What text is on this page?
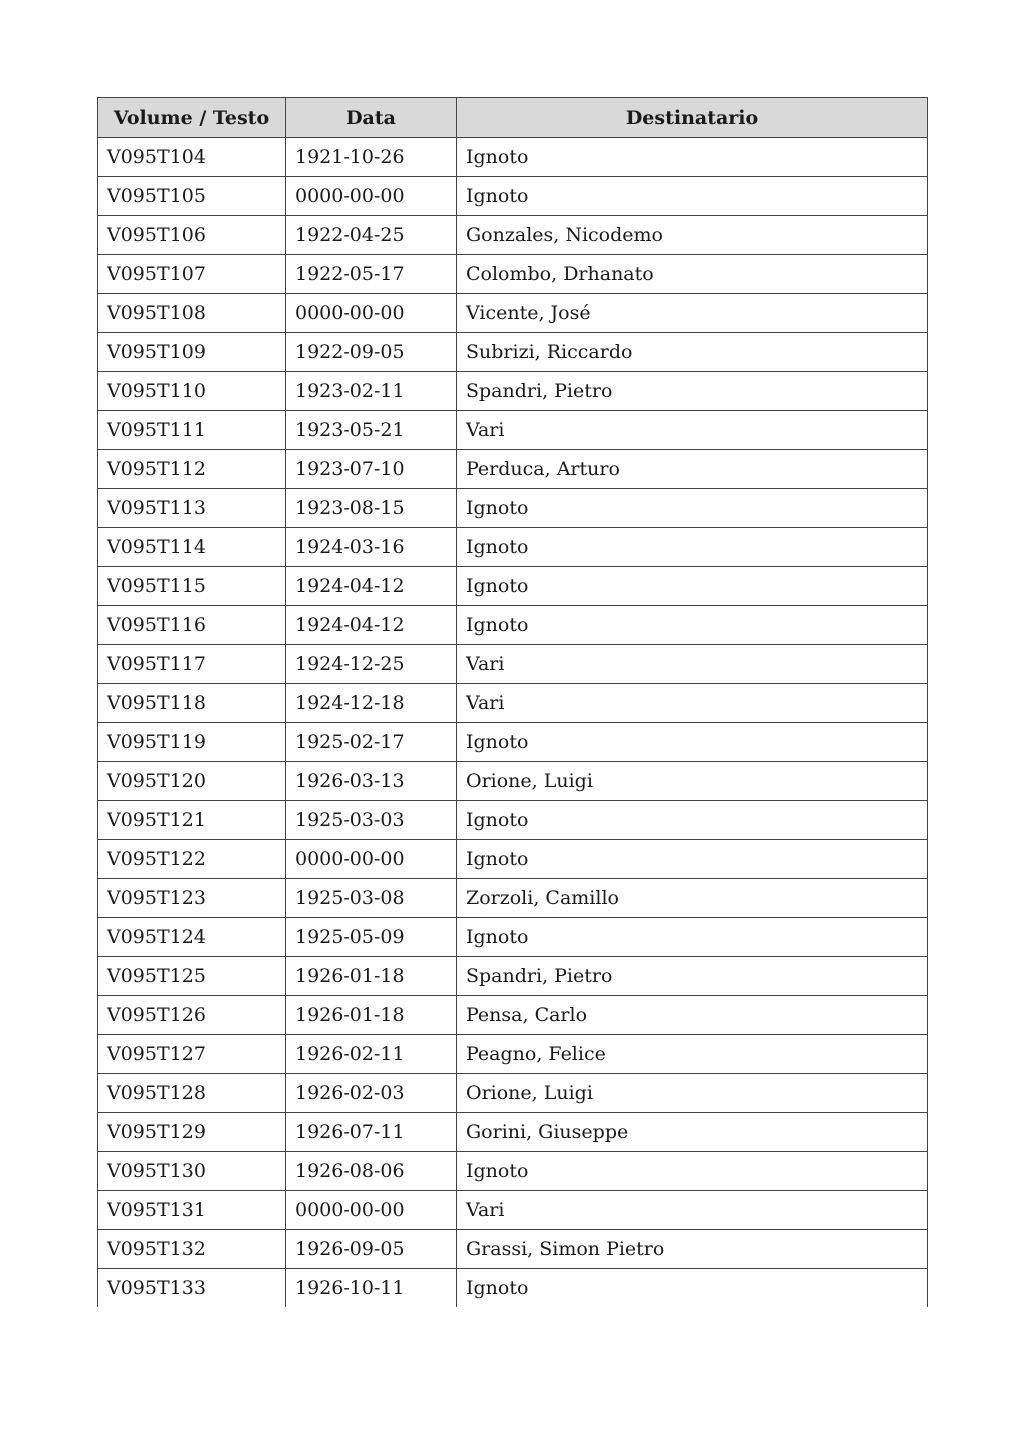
Volume / Testo	Data	Destinatario
V095T104	1921-10-26	Ignoto
V095T105	0000-00-00	Ignoto
V095T106	1922-04-25	Gonzales, Nicodemo
V095T107	1922-05-17	Colombo, Drhanato
V095T108	0000-00-00	Vicente, José
V095T109	1922-09-05	Subrizi, Riccardo
V095T110	1923-02-11	Spandri, Pietro
V095T111	1923-05-21	Vari
V095T112	1923-07-10	Perduca, Arturo
V095T113	1923-08-15	Ignoto
V095T114	1924-03-16	Ignoto
V095T115	1924-04-12	Ignoto
V095T116	1924-04-12	Ignoto
V095T117	1924-12-25	Vari
V095T118	1924-12-18	Vari
V095T119	1925-02-17	Ignoto
V095T120	1926-03-13	Orione, Luigi
V095T121	1925-03-03	Ignoto
V095T122	0000-00-00	Ignoto
V095T123	1925-03-08	Zorzoli, Camillo
V095T124	1925-05-09	Ignoto
V095T125	1926-01-18	Spandri, Pietro
V095T126	1926-01-18	Pensa, Carlo
V095T127	1926-02-11	Peagno, Felice
V095T128	1926-02-03	Orione, Luigi
V095T129	1926-07-11	Gorini, Giuseppe
V095T130	1926-08-06	Ignoto
V095T131	0000-00-00	Vari
V095T132	1926-09-05	Grassi, Simon Pietro
V095T133	1926-10-11	Ignoto
